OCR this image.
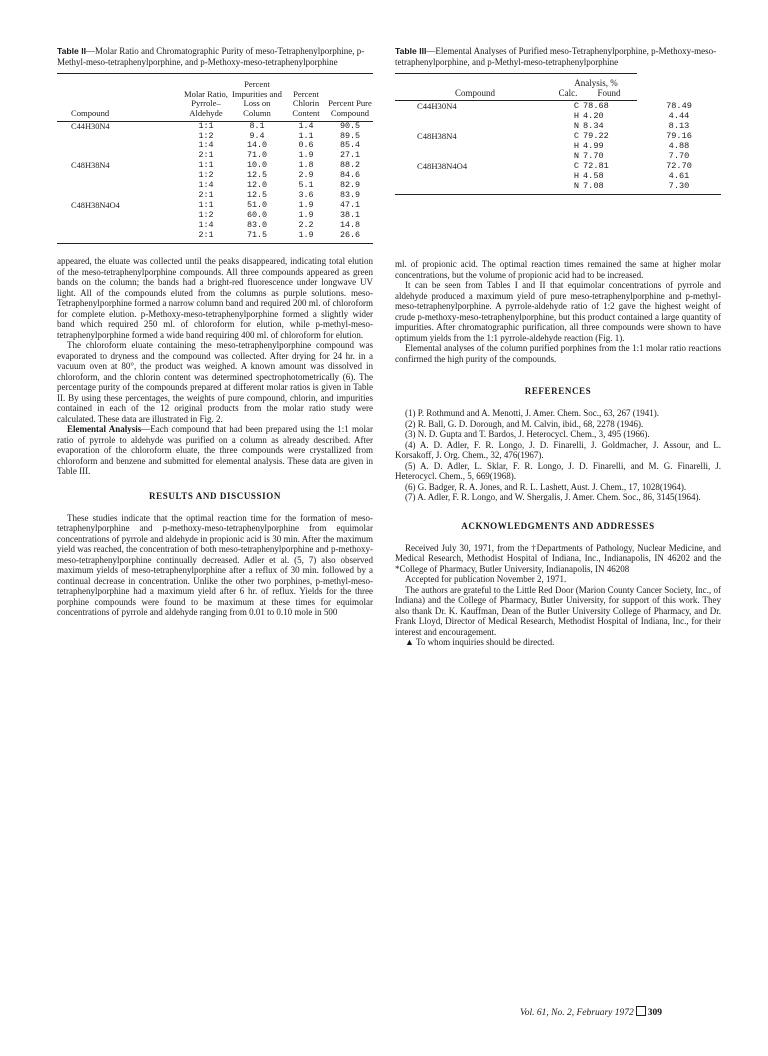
Table II—Molar Ratio and Chromatographic Purity of meso-Tetraphenylporphine, p-Methyl-meso-tetraphenylporphine, and p-Methoxy-meso-tetraphenylporphine
Compound	Molar Ratio, Pyrrole–Aldehyde	Percent Impurities and Loss on Column	Percent Chlorin Content	Percent Pure Compound
C44H30N4	1:1	8.1	1.4	90.5
	1:2	9.4	1.1	89.5
	1:4	14.0	0.6	85.4
	2:1	71.0	1.9	27.1
C48H38N4	1:1	10.0	1.8	88.2
	1:2	12.5	2.9	84.6
	1:4	12.0	5.1	82.9
	2:1	12.5	3.6	83.9
C48H38N4O4	1:1	51.0	1.9	47.1
	1:2	60.0	1.9	38.1
	1:4	83.0	2.2	14.8
	2:1	71.5	1.9	26.6

appeared, the eluate was collected until the peaks disappeared, indicating total elution of the meso-tetraphenylporphine compounds. All three compounds appeared as green bands on the column; the bands had a bright-red fluorescence under longwave UV light. All of the compounds eluted from the columns as purple solutions. meso-Tetraphenylporphine formed a narrow column band and required 200 ml. of chloroform for complete elution. p-Methoxy-meso-tetraphenylporphine formed a slightly wider band which required 250 ml. of chloroform for elution, while p-methyl-meso-tetraphenylporphine formed a wide band requiring 400 ml. of chloroform for elution.

The chloroform eluate containing the meso-tetraphenylporphine compound was evaporated to dryness and the compound was collected. After drying for 24 hr. in a vacuum oven at 80°, the product was weighed. A known amount was dissolved in chloroform, and the chlorin content was determined spectrophotometrically (6). The percentage purity of the compounds prepared at different molar ratios is given in Table II. By using these percentages, the weights of pure compound, chlorin, and impurities contained in each of the 12 original products from the molar ratio study were calculated. These data are illustrated in Fig. 2.

Elemental Analysis—Each compound that had been prepared using the 1:1 molar ratio of pyrrole to aldehyde was purified on a column as already described. After evaporation of the chloroform eluate, the three compounds were crystallized from chloroform and benzene and submitted for elemental analysis. These data are given in Table III.

RESULTS AND DISCUSSION

These studies indicate that the optimal reaction time for the formation of meso-tetraphenylporphine and p-methoxy-meso-tetraphenylporphine from equimolar concentrations of pyrrole and aldehyde in propionic acid is 30 min. After the maximum yield was reached, the concentration of both meso-tetraphenylporphine and p-methoxy-meso-tetraphenylporphine continually decreased. Adler et al. (5, 7) also observed maximum yields of meso-tetraphenylporphine after a reflux of 30 min. followed by a continual decrease in concentration. Unlike the other two porphines, p-methyl-meso-tetraphenylporphine had a maximum yield after 6 hr. of reflux. Yields for the three porphine compounds were found to be maximum at these times for equimolar concentrations of pyrrole and aldehyde ranging from 0.01 to 0.10 mole in 500

Table III—Elemental Analyses of Purified meso-Tetraphenylporphine, p-Methoxy-meso-tetraphenylporphine, and p-Methyl-meso-tetraphenylporphine
	Analysis, %		
Compound	Calc.	Found	
C44H30N4	C	78.68	78.49
	H	4.20	4.44
	N	8.34	8.13
C48H38N4	C	79.22	79.16
	H	4.99	4.88
	N	7.70	7.70
C48H38N4O4	C	72.81	72.70
	H	4.58	4.61
	N	7.08	7.30

ml. of propionic acid. The optimal reaction times remained the same at higher molar concentrations, but the volume of propionic acid had to be increased.

It can be seen from Tables I and II that equimolar concentrations of pyrrole and aldehyde produced a maximum yield of pure meso-tetraphenylporphine and p-methyl-meso-tetraphenylporphine. A pyrrole-aldehyde ratio of 1:2 gave the highest weight of crude p-methoxy-meso-tetraphenylporphine, but this product contained a large quantity of impurities. After chromatographic purification, all three compounds were shown to have optimum yields from the 1:1 pyrrole-aldehyde reaction (Fig. 1).

Elemental analyses of the column purified porphines from the 1:1 molar ratio reactions confirmed the high purity of the compounds.

REFERENCES

(1) P. Rothmund and A. Menotti, J. Amer. Chem. Soc., 63, 267 (1941).

(2) R. Ball, G. D. Dorough, and M. Calvin, ibid., 68, 2278 (1946).

(3) N. D. Gupta and T. Bardos, J. Heterocycl. Chem., 3, 495 (1966).

(4) A. D. Adler, F. R. Longo, J. D. Finarelli, J. Goldmacher, J. Assour, and L. Korsakoff, J. Org. Chem., 32, 476(1967).

(5) A. D. Adler, L. Sklar, F. R. Longo, J. D. Finarelli, and M. G. Finarelli, J. Heterocycl. Chem., 5, 669(1968).

(6) G. Badger, R. A. Jones, and R. L. Lashett, Aust. J. Chem., 17, 1028(1964).

(7) A. Adler, F. R. Longo, and W. Shergalis, J. Amer. Chem. Soc., 86, 3145(1964).

ACKNOWLEDGMENTS AND ADDRESSES

Received July 30, 1971, from the †Departments of Pathology, Nuclear Medicine, and Medical Research, Methodist Hospital of Indiana, Inc., Indianapolis, IN 46202 and the *College of Pharmacy, Butler University, Indianapolis, IN 46208

Accepted for publication November 2, 1971.

The authors are grateful to the Little Red Door (Marion County Cancer Society, Inc., of Indiana) and the College of Pharmacy, Butler University, for support of this work. They also thank Dr. K. Kauffman, Dean of the Butler University College of Pharmacy, and Dr. Frank Lloyd, Director of Medical Research, Methodist Hospital of Indiana, Inc., for their interest and encouragement.

▲ To whom inquiries should be directed.

Vol. 61, No. 2, February 1972 309
